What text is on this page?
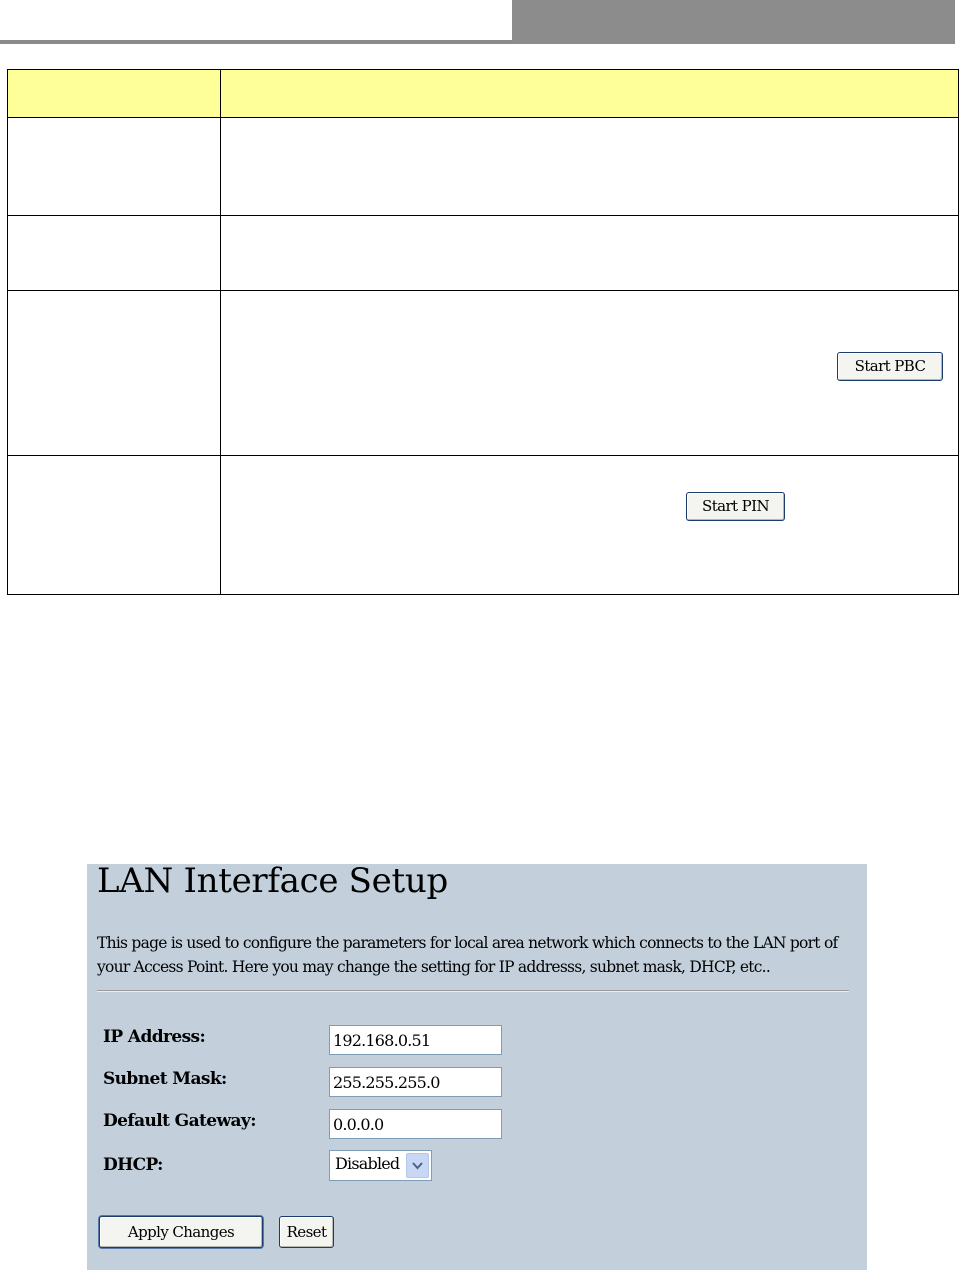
	Start PBC

	Start PIN
LAN Interface Setup

This page is used to configure the parameters for local area network which connects to the LAN port of your Access Point. Here you may change the setting for IP addresss, subnet mask, DHCP, etc..

IP Address:
192.168.0.51
Subnet Mask:
255.255.255.0
Default Gateway:
0.0.0.0
DHCP:	Disabled
Apply Changes	Reset
